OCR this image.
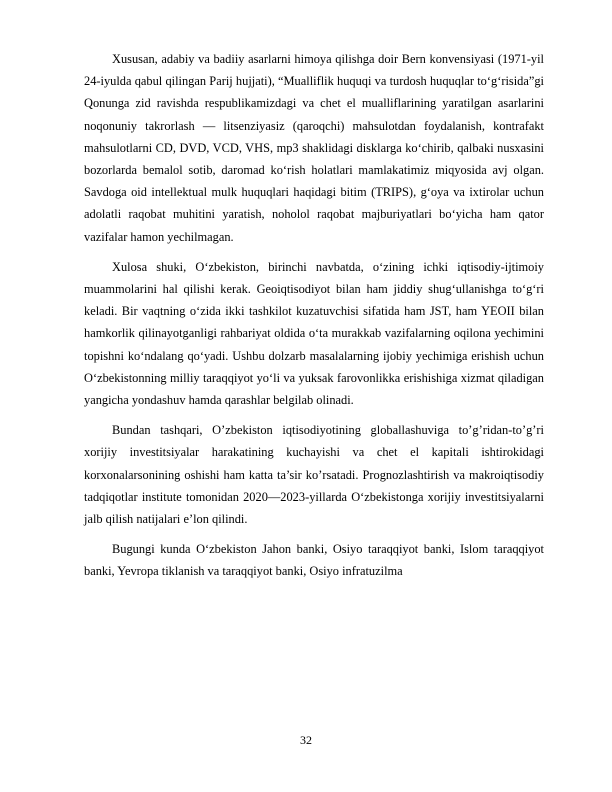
Xususan, adabiy va badiiy asarlarni himoya qilishga doir Bern konvensiyasi (1971-yil 24-iyulda qabul qilingan Parij hujjati), “Mualliflik huquqi va turdosh huquqlar to‘g‘risida”gi Qonunga zid ravishda respublikamizdagi va chet el mualliflarining yaratilgan asarlarini noqonuniy takrorlash — litsenziyasiz (qaroqchi) mahsulotdan foydalanish, kontrafakt mahsulotlarni CD, DVD, VCD, VHS, mp3 shaklidagi disklarga ko‘chirib, qalbaki nusxasini bozorlarda bemalol sotib, daromad ko‘rish holatlari mamlakatimiz miqyosida avj olgan. Savdoga oid intellektual mulk huquqlari haqidagi bitim (TRIPS), g‘oya va ixtirolar uchun adolatli raqobat muhitini yaratish, noholol raqobat majburiyatlari bo‘yicha ham qator vazifalar hamon yechilmagan.

Xulosa shuki, O‘zbekiston, birinchi navbatda, o‘zining ichki iqtisodiy-ijtimoiy muammolarini hal qilishi kerak. Geoiqtisodiyot bilan ham jiddiy shug‘ullanishga to‘g‘ri keladi. Bir vaqtning o‘zida ikki tashkilot kuzatuvchisi sifatida ham JST, ham YEOII bilan hamkorlik qilinayotganligi rahbariyat oldida o‘ta murakkab vazifalarning oqilona yechimini topishni ko‘ndalang qo‘yadi. Ushbu dolzarb masalalarning ijobiy yechimiga erishish uchun O‘zbekistonning milliy taraqqiyot yo‘li va yuksak farovonlikka erishishiga xizmat qiladigan yangicha yondashuv hamda qarashlar belgilab olinadi.

Bundan tashqari, O’zbekiston iqtisodiyotining globallashuviga to’g’ridan-to’g’ri xorijiy investitsiyalar harakatining kuchayishi va chet el kapitali ishtirokidagi korxonalarsonining oshishi ham katta ta’sir ko’rsatadi. Prognozlashtirish va makroiqtisodiy tadqiqotlar institute tomonidan 2020—2023-yillarda O‘zbekistonga xorijiy investitsiyalarni jalb qilish natijalari e’lon qilindi.

Bugungi kunda O‘zbekiston Jahon banki, Osiyo taraqqiyot banki, Islom taraqqiyot banki, Yevropa tiklanish va taraqqiyot banki, Osiyo infratuzilma

32
